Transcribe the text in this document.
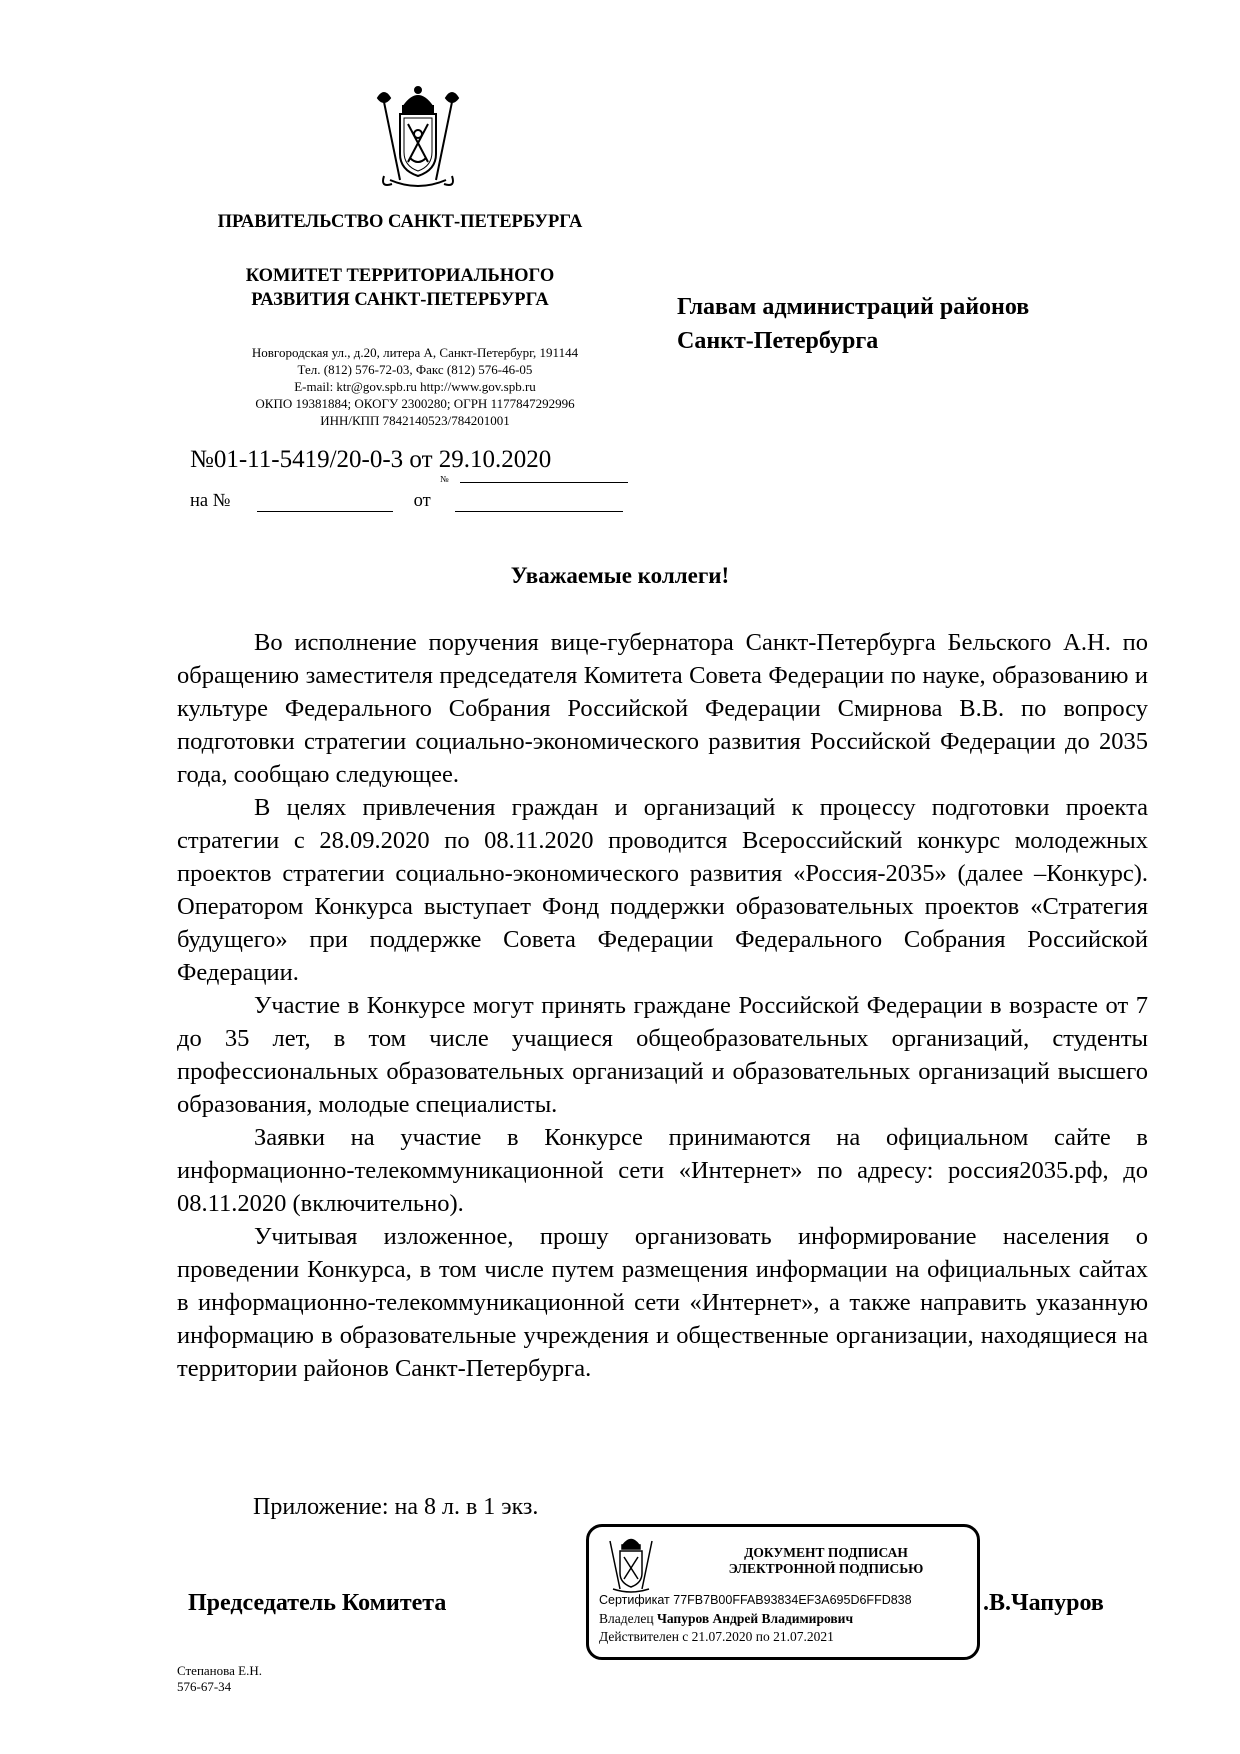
ПРАВИТЕЛЬСТВО САНКТ-ПЕТЕРБУРГА
КОМИТЕТ ТЕРРИТОРИАЛЬНОГО
РАЗВИТИЯ САНКТ-ПЕТЕРБУРГА
Новгородская ул., д.20, литера А, Санкт-Петербург, 191144
Тел. (812) 576-72-03, Факс (812) 576-46-05
E-mail: ktr@gov.spb.ru http://www.gov.spb.ru
ОКПО 19381884; ОКОГУ 2300280; ОГРН 1177847292996
ИНН/КПП 7842140523/784201001
№01-11-5419/20-0-3 от 29.10.2020
№
на №	от
Главам администраций районов
Санкт-Петербурга
Уважаемые коллеги!

Во исполнение поручения вице-губернатора Санкт-Петербурга Бельского А.Н. по обращению заместителя председателя Комитета Совета Федерации по науке, образованию и культуре Федерального Собрания Российской Федерации Смирнова В.В. по вопросу подготовки стратегии социально-экономического развития Российской Федерации до 2035 года, сообщаю следующее.

В целях привлечения граждан и организаций к процессу подготовки проекта стратегии с 28.09.2020 по 08.11.2020 проводится Всероссийский конкурс молодежных проектов стратегии социально-экономического развития «Россия-2035» (далее –Конкурс). Оператором Конкурса выступает Фонд поддержки образовательных проектов «Стратегия будущего» при поддержке Совета Федерации Федерального Собрания Российской Федерации.

Участие в Конкурсе могут принять граждане Российской Федерации в возрасте от 7 до 35 лет, в том числе учащиеся общеобразовательных организаций, студенты профессиональных образовательных организаций и образовательных организаций высшего образования, молодые специалисты.

Заявки на участие в Конкурсе принимаются на официальном сайте в информационно-телекоммуникационной сети «Интернет» по адресу: россия2035.рф, до 08.11.2020 (включительно).

Учитывая изложенное, прошу организовать информирование населения о проведении Конкурса, в том числе путем размещения информации на официальных сайтах в информационно-телекоммуникационной сети «Интернет», а также направить указанную информацию в образовательные учреждения и общественные организации, находящиеся на территории районов Санкт-Петербурга.

Приложение: на 8 л. в 1 экз.
Председатель Комитета	.В.Чапуров
ДОКУМЕНТ ПОДПИСАН
ЭЛЕКТРОННОЙ ПОДПИСЬЮ
Сертификат 77FB7B00FFAB93834EF3A695D6FFD838
Владелец Чапуров Андрей Владимирович
Действителен с 21.07.2020 по 21.07.2021
Степанова Е.Н.
576-67-34
